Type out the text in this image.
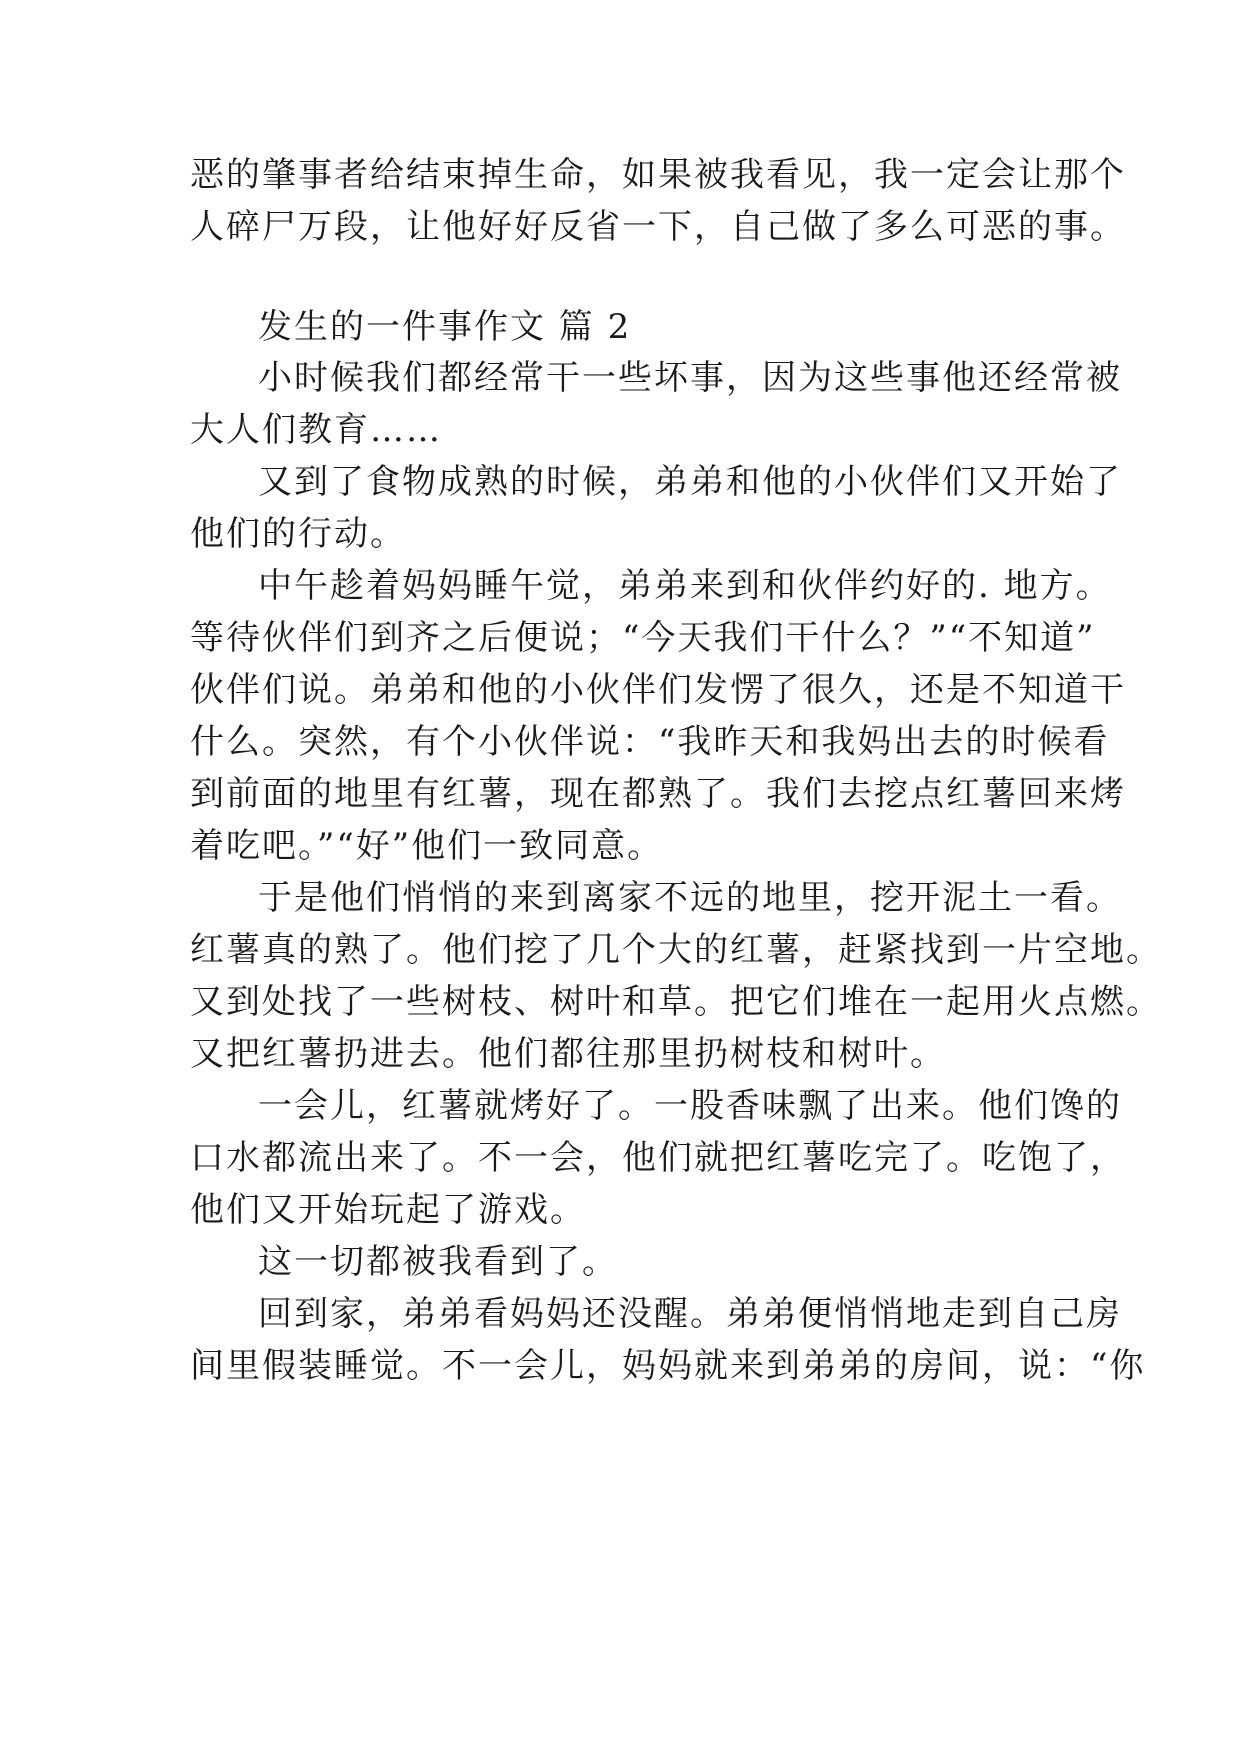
恶的肇事者给结束掉生命，如果被我看见，我一定会让那个
人碎尸万段，让他好好反省一下，自己做了多么可恶的事。
发生的一件事作文 篇 2
小时候我们都经常干一些坏事，因为这些事他还经常被
大人们教育……
又到了食物成熟的时候，弟弟和他的小伙伴们又开始了
他们的行动。
中午趁着妈妈睡午觉，弟弟来到和伙伴约好的. 地方。
等待伙伴们到齐之后便说；“今天我们干什么？”“不知道”
伙伴们说。弟弟和他的小伙伴们发愣了很久，还是不知道干
什么。突然，有个小伙伴说：“我昨天和我妈出去的时候看
到前面的地里有红薯，现在都熟了。我们去挖点红薯回来烤
着吃吧。”“好”他们一致同意。
于是他们悄悄的来到离家不远的地里，挖开泥土一看。
红薯真的熟了。他们挖了几个大的红薯，赶紧找到一片空地。
又到处找了一些树枝、树叶和草。把它们堆在一起用火点燃。
又把红薯扔进去。他们都往那里扔树枝和树叶。
一会儿，红薯就烤好了。一股香味飘了出来。他们馋的
口水都流出来了。不一会，他们就把红薯吃完了。吃饱了，
他们又开始玩起了游戏。
这一切都被我看到了。
回到家，弟弟看妈妈还没醒。弟弟便悄悄地走到自己房
间里假装睡觉。不一会儿，妈妈就来到弟弟的房间，说：“你
